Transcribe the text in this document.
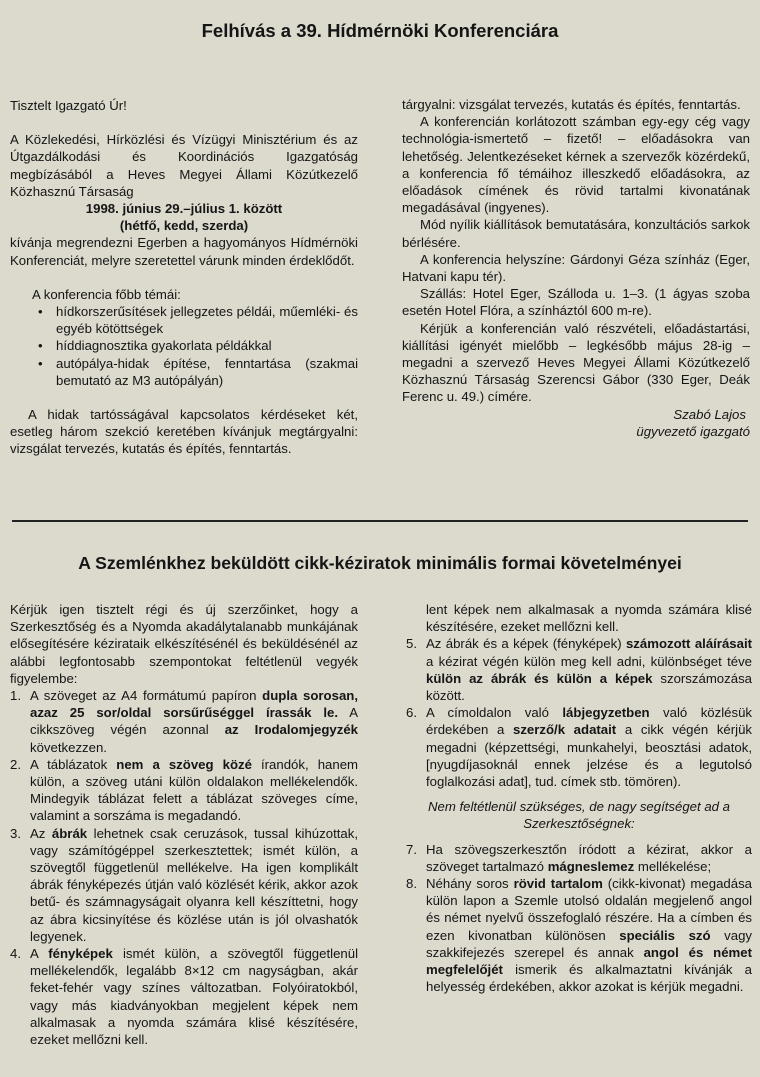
Felhívás a 39. Hídmérnöki Konferenciára

Tisztelt Igazgató Úr!

A Közlekedési, Hírközlési és Vízügyi Minisztérium és az Útgazdálkodási és Koordinációs Igazgatóság megbízásából a Heves Megyei Állami Közútkezelő Közhasznú Társaság

1998. június 29.–július 1. között

(hétfő, kedd, szerda)

kívánja megrendezni Egerben a hagyományos Hídmérnöki Konferenciát, melyre szeretettel várunk minden érdeklődőt.

A konferencia főbb témái:

• hídkorszerűsítések jellegzetes példái, műemléki- és egyéb kötöttségek
• híddiagnosztika gyakorlata példákkal
• autópálya-hidak építése, fenntartása (szakmai bemutató az M3 autópályán)

A hidak tartósságával kapcsolatos kérdéseket két, esetleg három szekció keretében kívánjuk megtárgyalni: vizsgálat tervezés, kutatás és építés, fenntartás.

tárgyalni: vizsgálat tervezés, kutatás és építés, fenntartás.

A konferencián korlátozott számban egy-egy cég vagy technológia-ismertető – fizető! – előadásokra van lehetőség. Jelentkezéseket kérnek a szervezők közérdekű, a konferencia fő témáihoz illeszkedő előadásokra, az előadások címének és rövid tartalmi kivonatának megadásával (ingyenes).

Mód nyílik kiállítások bemutatására, konzultációs sarkok bérlésére.

A konferencia helyszíne: Gárdonyi Géza színház (Eger, Hatvani kapu tér).

Szállás: Hotel Eger, Szálloda u. 1–3. (1 ágyas szoba esetén Hotel Flóra, a színháztól 600 m-re).

Kérjük a konferencián való részvételi, előadástartási, kiállítási igényét mielőbb – legkésőbb május 28-ig – megadni a szervező Heves Megyei Állami Közútkezelő Közhasznú Társaság Szerencsi Gábor (330 Eger, Deák Ferenc u. 49.) címére.

Szabó Lajos

ügyvezető igazgató

A Szemlénkhez beküldött cikk-kéziratok minimális formai követelményei

Kérjük igen tisztelt régi és új szerzőinket, hogy a Szerkesztőség és a Nyomda akadálytalanabb munkájának elősegítésére kézirataik elkészítésénél és beküldésénél az alábbi legfontosabb szempontokat feltétlenül vegyék figyelembe:

1. A szöveget az A4 formátumú papíron dupla sorosan, azaz 25 sor/oldal sorsűrűséggel írassák le. A cikkszöveg végén azonnal az Irodalomjegyzék következzen.
2. A táblázatok nem a szöveg közé írandók, hanem külön, a szöveg utáni külön oldalakon mellékelendők. Mindegyik táblázat felett a táblázat szöveges címe, valamint a sorszáma is megadandó.
3. Az ábrák lehetnek csak ceruzások, tussal kihúzottak, vagy számítógéppel szerkesztettek; ismét külön, a szövegtől függetlenül mellékelve. Ha igen komplikált ábrák fényképezés útján való közlését kérik, akkor azok betű- és számnagyságait olyanra kell készíttetni, hogy az ábra kicsinyítése és közlése után is jól olvashatók legyenek.
4. A fényképek ismét külön, a szövegtől függetlenül mellékelendők, legalább 8×12 cm nagyságban, akár feket-fehér vagy színes változatban. Folyóiratokból, vagy más kiadványokban megjelent képek nem alkalmasak a nyomda számára klisé készítésére, ezeket mellőzni kell.

lent képek nem alkalmasak a nyomda számára klisé készítésére, ezeket mellőzni kell.

5. Az ábrák és a képek (fényképek) számozott aláírásait a kézirat végén külön meg kell adni, különbséget téve külön az ábrák és külön a képek szorszámozása között.
6. A címoldalon való lábjegyzetben való közlésük érdekében a szerző/k adatait a cikk végén kérjük megadni (képzettségi, munkahelyi, beosztási adatok, [nyugdíjasoknál ennek jelzése és a legutolsó foglalkozási adat], tud. címek stb. tömören).

Nem feltétlenül szükséges, de nagy segítséget ad a Szerkesztőségnek:

7. Ha szövegszerkesztőn íródott a kézirat, akkor a szöveget tartalmazó mágneslemez mellékelése;
8. Néhány soros rövid tartalom (cikk-kivonat) megadása külön lapon a Szemle utolsó oldalán megjelenő angol és német nyelvű összefoglaló részére. Ha a címben és ezen kivonatban különösen speciális szó vagy szakkifejezés szerepel és annak angol és német megfelelőjét ismerik és alkalmaztatni kívánják a helyesség érdekében, akkor azokat is kérjük megadni.
